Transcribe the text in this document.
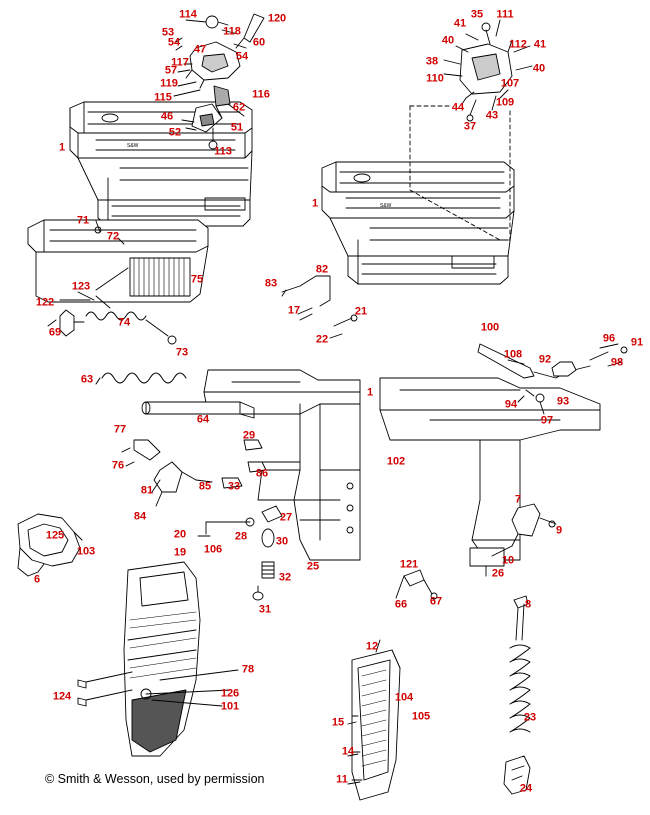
S&W
S&W
114	120
118
53
54	60
47
54
117
57
119
116
115
62
46
51
52
113
1
41
35 111
40	112 41
38
40
110	107
44	109
43
37
1
71
72
75
123
122
74
69
73
63
83
82
17	21
22
100
108 92
96 91
98
94	93
97
1
64
29
77
76	102
86
85 33
81
84	27
20	28	30
19 106
25
32
31
125
103
6
7
9
10
26
121
66 67	8
23
24
78
124	126
101
12
104
105
15
14
11
© Smith & Wesson, used by permission
